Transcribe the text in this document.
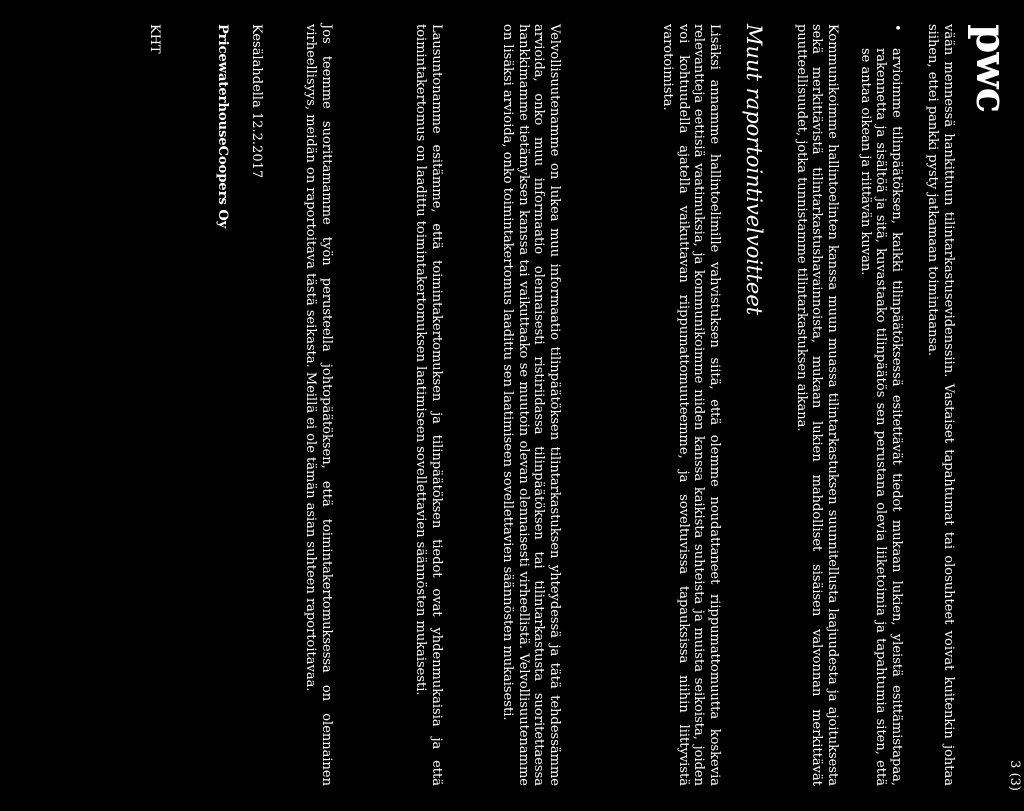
pwc
3 (3)
vään mennessä hankittuun tilintarkastusevidenssiin. Vastaiset tapahtumat tai olosuhteet voivat kuitenkin johtaa siihen, ettei pankki pysty jatkamaan toimintaansa.
•
arvioimme tilinpäätöksen, kaikki tilinpäätöksessä esitettävät tiedot mukaan lukien, yleistä esittämistapaa, rakennetta ja sisältöä ja sitä, kuvastaako tilinpäätös sen perustana olevia liiketoimia ja tapahtumia siten, että se antaa oikean ja riittävän kuvan.
Kommunikoimme hallintoelinten kanssa muun muassa tilintarkastuksen suunnitellusta laajuudesta ja ajoituksesta sekä merkittävistä tilintarkastushavainnoista, mukaan lukien mahdolliset sisäisen valvonnan merkittävät puutteellisuudet, jotka tunnistamme tilintarkastuksen aikana.
Muut raportointivelvoitteet
Lisäksi annamme hallintoelimille vahvistuksen siitä, että olemme noudattaneet riippumattomuutta koskevia relevantteja eettisiä vaatimuksia, ja kommunikoimme niiden kanssa kaikista suhteista ja muista seikoista, joiden voi kohtuudella ajatella vaikuttavan riippumattomuuteemme, ja soveltuvissa tapauksissa niihin liittyvistä varotoimista.
Velvollisuutenamme on lukea muu informaatio tilinpäätöksen tilintarkastuksen yhteydessä ja tätä tehdessämme arvioida, onko muu informaatio olennaisesti ristiriidassa tilinpäätöksen tai tilintarkastusta suoritettaessa hankkimamme tietämyksen kanssa tai vaikuttaako se muutoin olevan olennaisesti virheellistä. Velvollisuutenamme on lisäksi arvioida, onko toimintakertomus laadittu sen laatimiseen sovellettavien säännösten mukaisesti.
Lausuntonamme esitämme, että toimintakertomuksen ja tilinpäätöksen tiedot ovat yhdenmukaisia ja että toimintakertomus on laadittu toimintakertomuksen laatimiseen sovellettavien säännösten mukaisesti.
Jos teemme suorittamamme työn perusteella johtopäätöksen, että toimintakertomuksessa on olennainen virheellisyys, meidän on raportoitava tästä seikasta. Meillä ei ole tämän asian suhteen raportoitavaa.
Kesälahdella 12.2.2017
PricewaterhouseCoopers Oy
KHT
